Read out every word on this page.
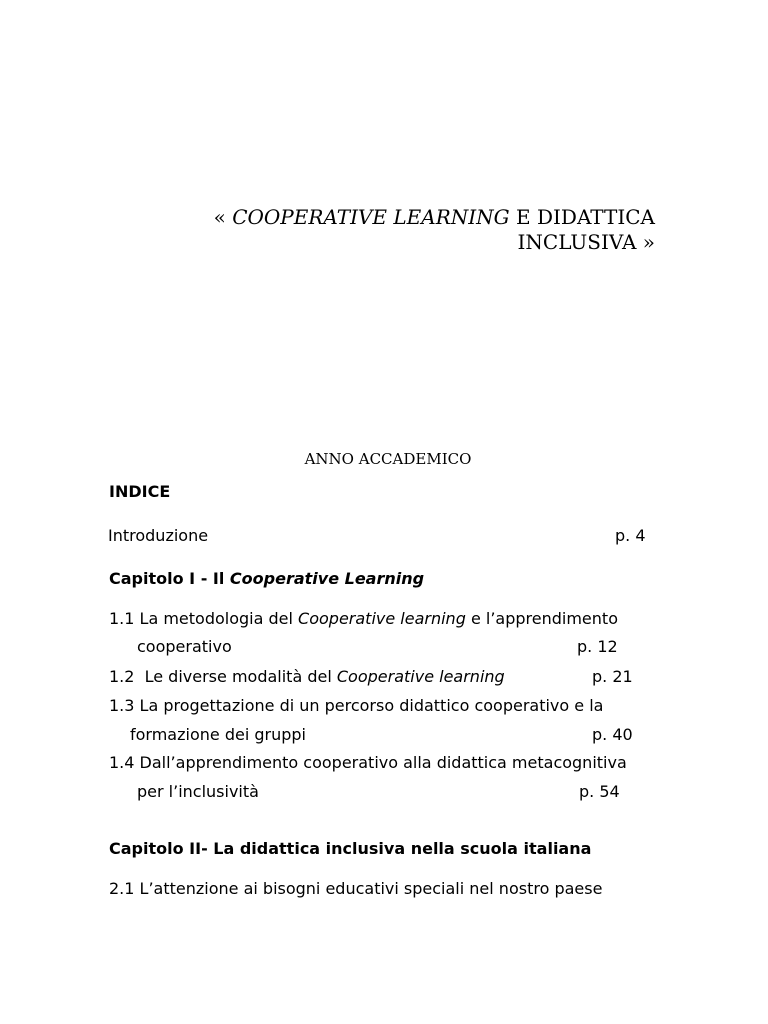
« COOPERATIVE LEARNING E DIDATTICA
INCLUSIVA »
ANNO ACCADEMICO
INDICE
Introduzione	p. 4
Capitolo I - Il Cooperative Learning
1.1 La metodologia del Cooperative learning e l’apprendimento
cooperativo	p. 12
1.2  Le diverse modalità del Cooperative learning	p. 21
1.3 La progettazione di un percorso didattico cooperativo e la
formazione dei gruppi	p. 40
1.4 Dall’apprendimento cooperativo alla didattica metacognitiva
per l’inclusività	p. 54
Capitolo II- La didattica inclusiva nella scuola italiana
2.1 L’attenzione ai bisogni educativi speciali nel nostro paese
